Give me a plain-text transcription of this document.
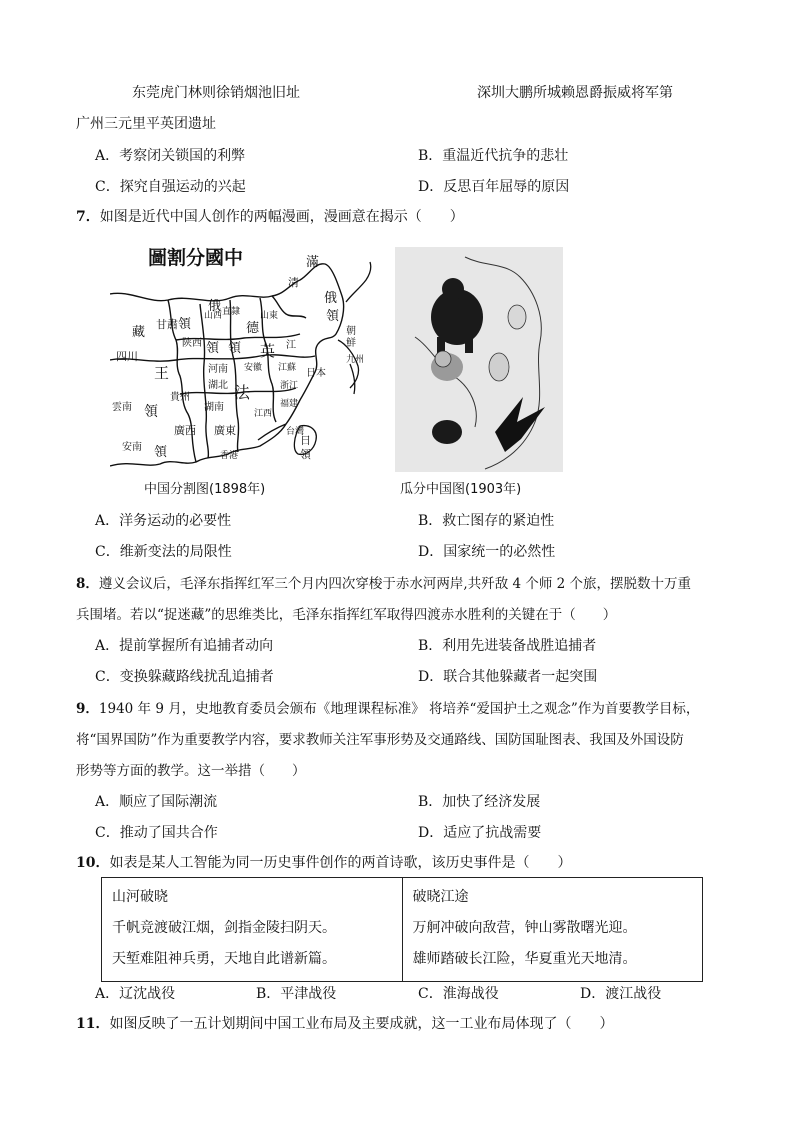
东莞虎门林则徐销烟池旧址	深圳大鹏所城赖恩爵振威将军第
广州三元里平英团遗址
A．考察闭关锁国的利弊	B．重温近代抗争的悲壮
C．探究自强运动的兴起	D．反思百年屈辱的原因
7．如图是近代中国人创作的两幅漫画，漫画意在揭示（　　）
圖割分國中	滿
清
俄
領
朝
鮮
日本
九州
甘肅
藏
領
陕西
山西 直隸
俄
領
山東
德
領
河南
湖北
英 江
安徽 江蘇
四川
王
貴州
湖南
法
江西
浙江
福建
雲南 領
廣西 廣東
安南 領	香港
台灣
日
領
中国分割图(1898年)	瓜分中国图(1903年)
A．洋务运动的必要性	B．救亡图存的紧迫性
C．维新变法的局限性	D．国家统一的必然性
8．遵义会议后，毛泽东指挥红军三个月内四次穿梭于赤水河两岸,共歼敌 4 个师 2 个旅，摆脱数十万重
兵围堵。若以“捉迷藏”的思维类比，毛泽东指挥红军取得四渡赤水胜利的关键在于（　　）
A．提前掌握所有追捕者动向	B．利用先进装备战胜追捕者
C．变换躲藏路线扰乱追捕者	D．联合其他躲藏者一起突围
9．1940 年 9 月，史地教育委员会颁布《地理课程标准》 将培养“爱国护土之观念”作为首要教学目标，
将“国界国防”作为重要教学内容，要求教师关注军事形势及交通路线、国防国耻图表、我国及外国设防
形势等方面的教学。这一举措（　　）
A．顺应了国际潮流	B．加快了经济发展
C．推动了国共合作	D．适应了抗战需要
10．如表是某人工智能为同一历史事件创作的两首诗歌，该历史事件是（　　）
山河破晓
千帆竞渡破江烟，剑指金陵扫阴天。
天堑难阻神兵勇，天地自此谱新篇。

破晓江途
万舸冲破向敌营，钟山雾散曙光迎。
雄师踏破长江险，华夏重光天地清。
A．辽沈战役	B．平津战役	C．淮海战役	D．渡江战役
11．如图反映了一五计划期间中国工业布局及主要成就，这一工业布局体现了（　　）
